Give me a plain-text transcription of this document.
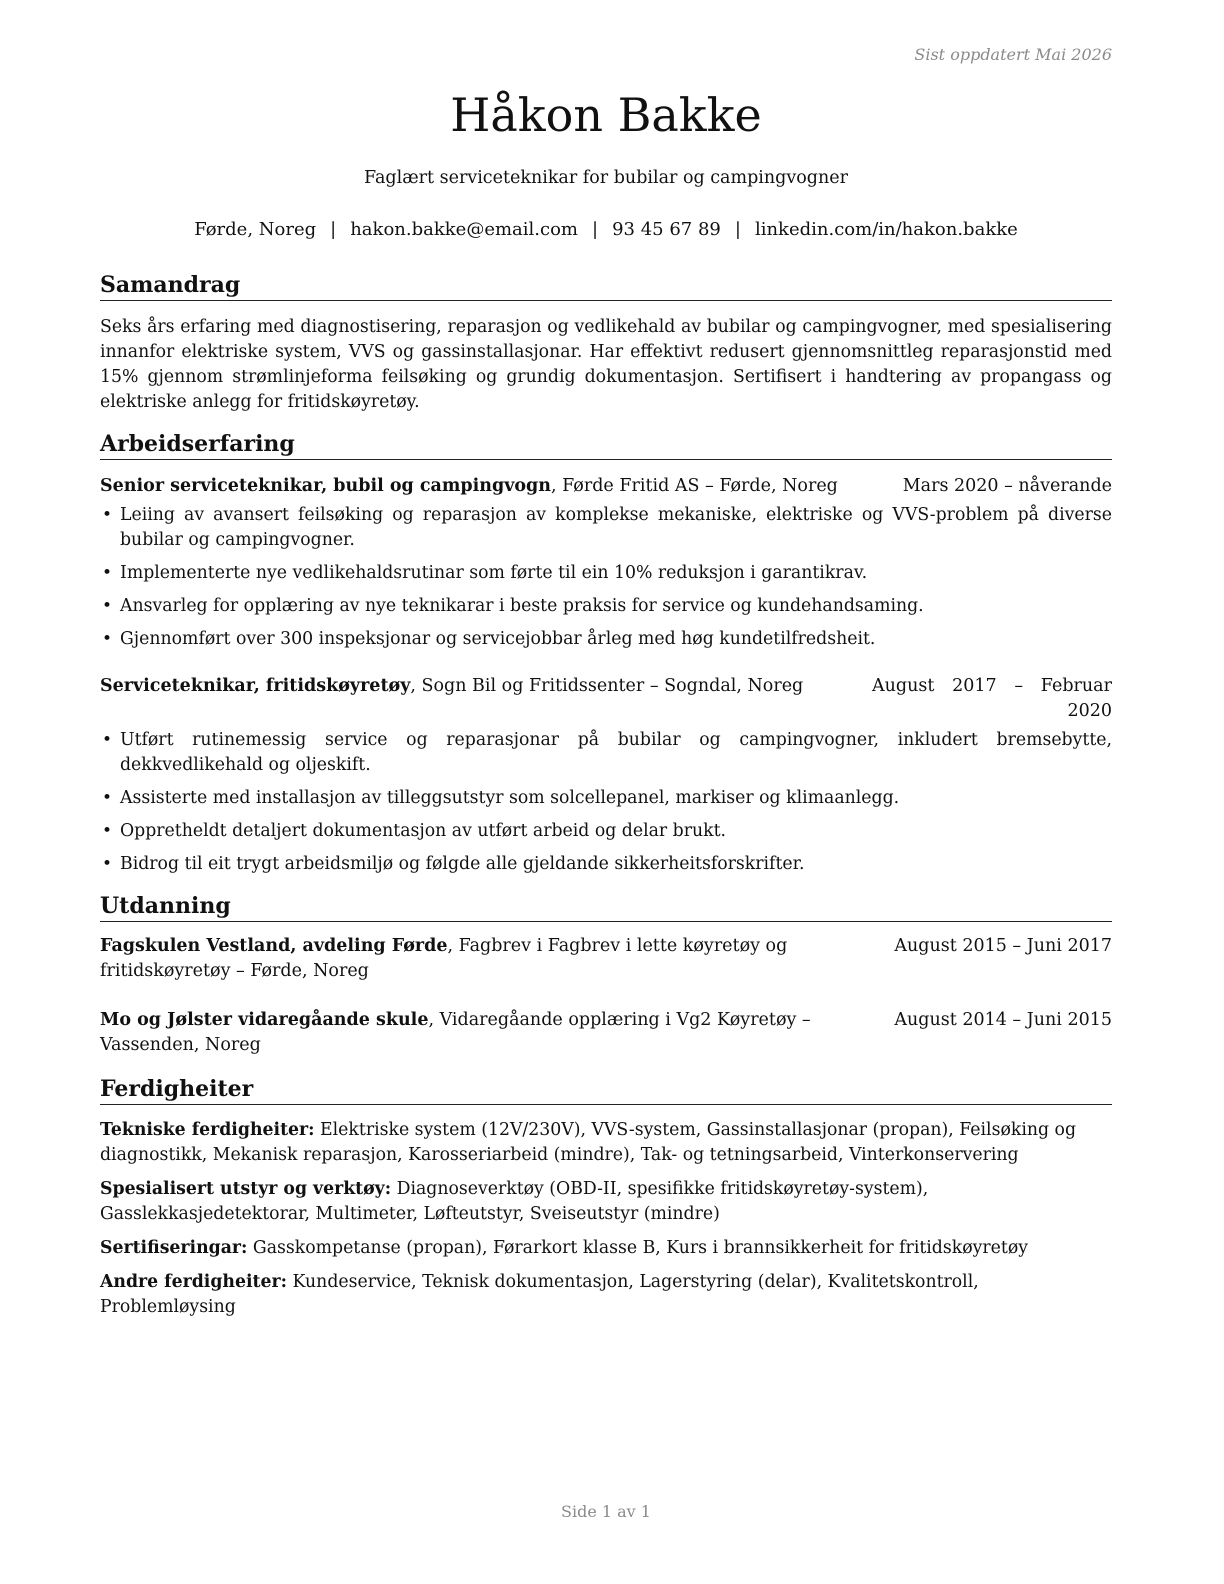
Sist oppdatert Mai 2026
Håkon Bakke
Faglært serviceteknikar for bubilar og campingvogner
Førde, Noreg | hakon.bakke@email.com | 93 45 67 89 | linkedin.com/in/hakon.bakke
Samandrag

Seks års erfaring med diagnostisering, reparasjon og vedlikehald av bubilar og campingvogner, med spesialisering innanfor elektriske system, VVS og gassinstallasjonar. Har effektivt redusert gjennomsnittleg reparasjonstid med 15% gjennom strømlinjeforma feilsøking og grundig dokumentasjon. Sertifisert i handtering av propangass og elektriske anlegg for fritidskøyretøy.

Arbeidserfaring
Senior serviceteknikar, bubil og campingvogn, Førde Fritid AS – Førde, Noreg	Mars 2020 – nåverande
• Leiing av avansert feilsøking og reparasjon av komplekse mekaniske, elektriske og VVS-problem på diverse bubilar og campingvogner.
• Implementerte nye vedlikehaldsrutinar som førte til ein 10% reduksjon i garantikrav.
• Ansvarleg for opplæring av nye teknikarar i beste praksis for service og kundehandsaming.
• Gjennomført over 300 inspeksjonar og servicejobbar årleg med høg kundetilfredsheit.
Serviceteknikar, fritidskøyretøy, Sogn Bil og Fritidssenter – Sogndal, Noreg	August 2017 – Februar 2020
• Utført rutinemessig service og reparasjonar på bubilar og campingvogner, inkludert bremsebytte, dekkvedlikehald og oljeskift.
• Assisterte med installasjon av tilleggsutstyr som solcellepanel, markiser og klimaanlegg.
• Oppretheldt detaljert dokumentasjon av utført arbeid og delar brukt.
• Bidrog til eit trygt arbeidsmiljø og følgde alle gjeldande sikkerheitsforskrifter.
Utdanning
Fagskulen Vestland, avdeling Førde, Fagbrev i Fagbrev i lette køyretøy og fritidskøyretøy – Førde, Noreg
August 2015 – Juni 2017
Mo og Jølster vidaregåande skule, Vidaregåande opplæring i Vg2 Køyretøy – Vassenden, Noreg
August 2014 – Juni 2015
Ferdigheiter

Tekniske ferdigheiter: Elektriske system (12V/230V), VVS-system, Gassinstallasjonar (propan), Feilsøking og diagnostikk, Mekanisk reparasjon, Karosseriarbeid (mindre), Tak- og tetningsarbeid, Vinterkonservering

Spesialisert utstyr og verktøy: Diagnoseverktøy (OBD-II, spesifikke fritidskøyretøy-system), Gasslekkasjedetektorar, Multimeter, Løfteutstyr, Sveiseutstyr (mindre)

Sertifiseringar: Gasskompetanse (propan), Førarkort klasse B, Kurs i brannsikkerheit for fritidskøyretøy

Andre ferdigheiter: Kundeservice, Teknisk dokumentasjon, Lagerstyring (delar), Kvalitetskontroll, Problemløysing

Side 1 av 1
